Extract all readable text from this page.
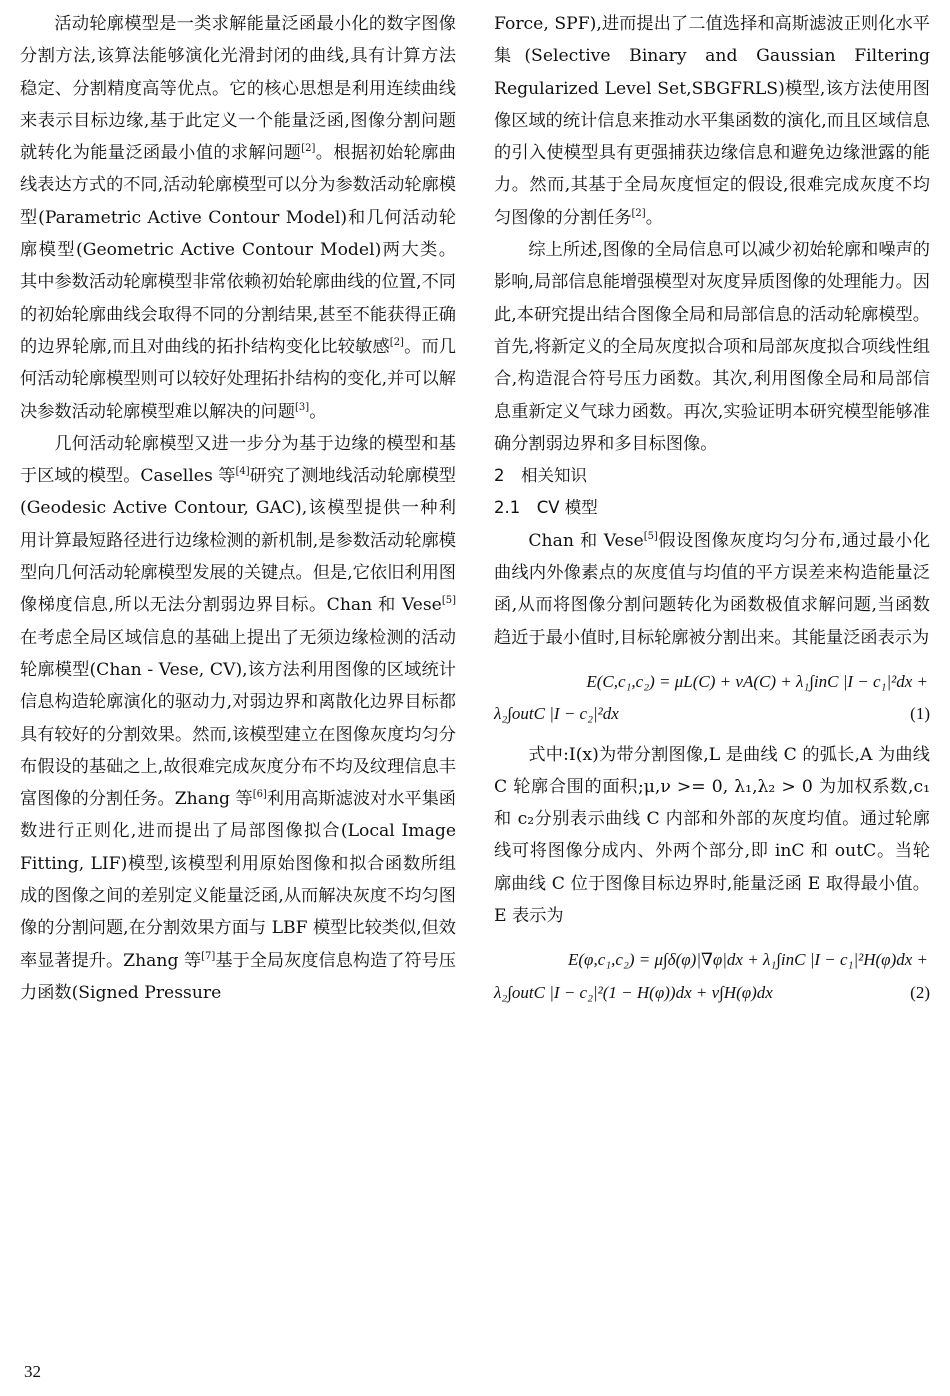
活动轮廓模型是一类求解能量泛函最小化的数字图像分割方法,该算法能够演化光滑封闭的曲线,具有计算方法稳定、分割精度高等优点。它的核心思想是利用连续曲线来表示目标边缘,基于此定义一个能量泛函,图像分割问题就转化为能量泛函最小值的求解问题[2]。根据初始轮廓曲线表达方式的不同,活动轮廓模型可以分为参数活动轮廓模型(Parametric Active Contour Model)和几何活动轮廓模型(Geometric Active Contour Model)两大类。其中参数活动轮廓模型非常依赖初始轮廓曲线的位置,不同的初始轮廓曲线会取得不同的分割结果,甚至不能获得正确的边界轮廓,而且对曲线的拓扑结构变化比较敏感[2]。而几何活动轮廓模型则可以较好处理拓扑结构的变化,并可以解决参数活动轮廓模型难以解决的问题[3]。

几何活动轮廓模型又进一步分为基于边缘的模型和基于区域的模型。Caselles 等[4]研究了测地线活动轮廓模型(Geodesic Active Contour, GAC),该模型提供一种利用计算最短路径进行边缘检测的新机制,是参数活动轮廓模型向几何活动轮廓模型发展的关键点。但是,它依旧利用图像梯度信息,所以无法分割弱边界目标。Chan 和 Vese[5]在考虑全局区域信息的基础上提出了无须边缘检测的活动轮廓模型(Chan - Vese, CV),该方法利用图像的区域统计信息构造轮廓演化的驱动力,对弱边界和离散化边界目标都具有较好的分割效果。然而,该模型建立在图像灰度均匀分布假设的基础之上,故很难完成灰度分布不均及纹理信息丰富图像的分割任务。Zhang 等[6]利用高斯滤波对水平集函数进行正则化,进而提出了局部图像拟合(Local Image Fitting, LIF)模型,该模型利用原始图像和拟合函数所组成的图像之间的差别定义能量泛函,从而解决灰度不均匀图像的分割问题,在分割效果方面与 LBF 模型比较类似,但效率显著提升。Zhang 等[7]基于全局灰度信息构造了符号压力函数(Signed Pressure

Force, SPF),进而提出了二值选择和高斯滤波正则化水平集(Selective Binary and Gaussian Filtering Regularized Level Set,SBGFRLS)模型,该方法使用图像区域的统计信息来推动水平集函数的演化,而且区域信息的引入使模型具有更强捕获边缘信息和避免边缘泄露的能力。然而,其基于全局灰度恒定的假设,很难完成灰度不均匀图像的分割任务[2]。

综上所述,图像的全局信息可以减少初始轮廓和噪声的影响,局部信息能增强模型对灰度异质图像的处理能力。因此,本研究提出结合图像全局和局部信息的活动轮廓模型。首先,将新定义的全局灰度拟合项和局部灰度拟合项线性组合,构造混合符号压力函数。其次,利用图像全局和局部信息重新定义气球力函数。再次,实验证明本研究模型能够准确分割弱边界和多目标图像。

2　相关知识

2.1　CV 模型

Chan 和 Vese[5]假设图像灰度均匀分布,通过最小化曲线内外像素点的灰度值与均值的平方误差来构造能量泛函,从而将图像分割问题转化为函数极值求解问题,当函数趋近于最小值时,目标轮廓被分割出来。其能量泛函表示为

E(C,c₁,c₂) = μL(C) + νA(C) + λ₁∫inC |I − c₁|²dx +
λ₂∫outC |I − c₂|²dx	(1)

式中:I(x)为带分割图像,L 是曲线 C 的弧长,A 为曲线 C 轮廓合围的面积;μ,ν >= 0, λ₁,λ₂ > 0 为加权系数,c₁和 c₂分别表示曲线 C 内部和外部的灰度均值。通过轮廓线可将图像分成内、外两个部分,即 inC 和 outC。当轮廓曲线 C 位于图像目标边界时,能量泛函 E 取得最小值。E 表示为

E(φ,c₁,c₂) = μ∫δ(φ)|∇φ|dx + λ₁∫inC |I − c₁|²H(φ)dx +
λ₂∫outC |I − c₂|²(1 − H(φ))dx + ν∫H(φ)dx	(2)
32
